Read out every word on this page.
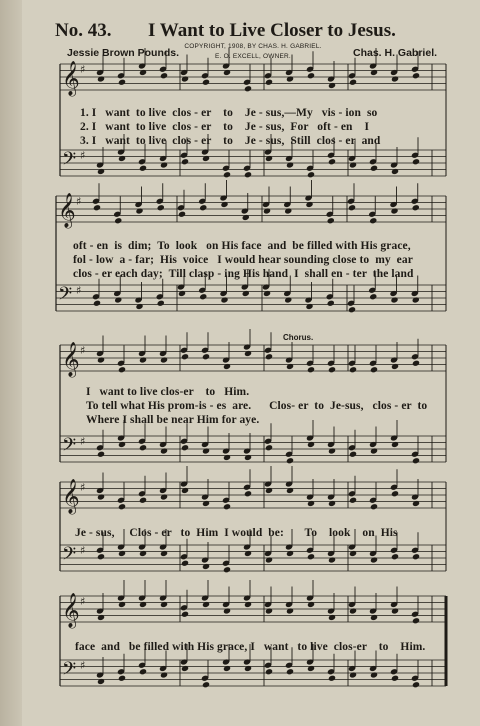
No. 43. I Want to Live Closer to Jesus.
Jessie Brown Pounds.
COPYRIGHT, 1908, BY CHAS. H. GABRIEL.
E. O. EXCELL, OWNER.	Chas. H. Gabriel.
Chorus.
𝄞 ♯
𝄢 ♯
𝄞 ♯
𝄢 ♯
𝄞 ♯
𝄢 ♯
𝄞 ♯
𝄢 ♯
𝄞 ♯
𝄢 ♯
1. I   want  to live  clos - er    to    Je - sus,—My   vis - ion  so
2. I   want  to live  clos - er    to    Je - sus,  For   oft - en    I
3. I   want  to live  clos - er    to    Je - sus,  Still  clos - er  and
oft - en  is  dim;  To  look   on His face  and  be filled with His grace,
fol - low  a - far;  His  voice   I would hear sounding close to  my  ear
clos - er each day;  Till clasp - ing His hand  I  shall en - ter  the land
I   want to live clos-er    to   Him.
To tell what His prom-is - es  are.      Clos- er  to  Je-sus,   clos - er  to
Where I shall be near Him for aye.
Je - sus,     Clos - er   to  Him  I would  be:       To    look    on  His
face  and   be filled with His grace, I   want   to live  clos-er    to    Him.
